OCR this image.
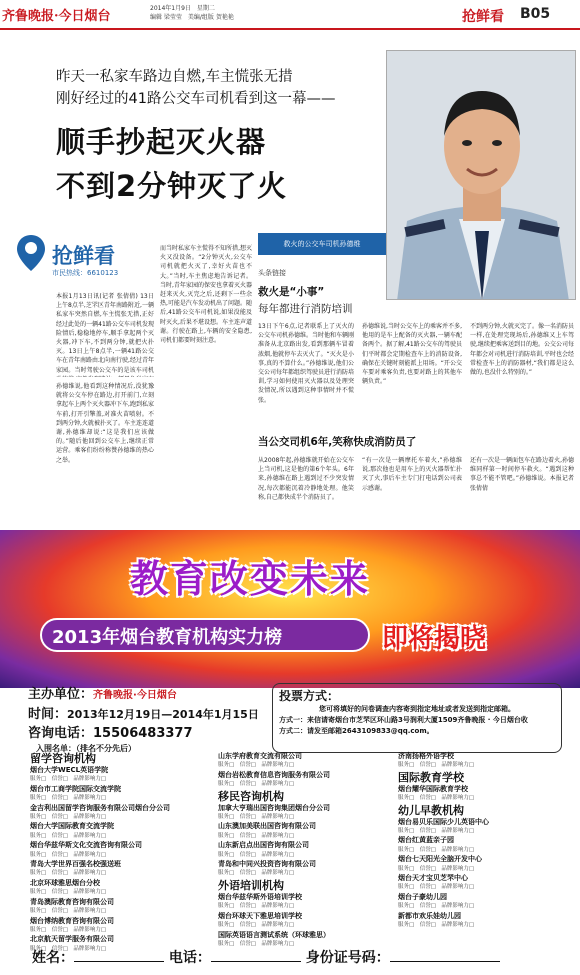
齐鲁晚报·今日烟台
2014年1月9日　星期二
编辑 梁莹莹　美编/组版 贺艳艳	抢鲜看 B05
昨天一私家车路边自燃,车主慌张无措
刚好经过的41路公交车司机看到这一幕——
顺手抄起灭火器
不到2分钟灭了火
救火的公交车司机孙德维
抢鲜看
市民热线：6610123
本报1月13日讯(记者 张倩倩) 13日上午8点半,芝罘区青年南路附近,一辆私家车突然自燃,车主慌张无措,正好经过此处的一辆41路公交车司机发现险情后,稳稳地停车,顺手拿起两个灭火器,冲下车,不到两分钟,就把火扑灭。13日上午8点半,一辆41路公交车在青年南路由北向南行驶,经过青年家园。当时驾驶公交车的是该车司机
孙德维说,他看到这种情况后,没犹豫就将公交车停在路边,打开前门,立刻拿起车上两个灭火器冲下车,跑到私家车前,打开引擎盖,对准火苗喷射。不到两分钟,火就被扑灭了。车主连连道谢,孙德维却说:“这是我们应该做的。”随后他回到公交车上,继续正常运营。乘客们纷纷称赞孙德维的热心之举。
而当时私家车主慌得不知所措,想灭火又没设备。“2分钟灭火,公交车司机就把火灭了,幸好火苗也不大。”当时,车主焦虑地告诉记者。当时,青年家园的保安也拿着灭火器赶来灭火,灭完之后,还剩下一些余热,可能是汽车发动机出了问题。随后,41路公交车司机说,如果没能及时灭火,后果不堪设想。车主连声道谢。行驶在路上,车辆的安全隐患,司机们都要时刻注意。
头条链接
救火是“小事”
每年都进行消防培训
13日下午6点,记者联系上了灭火的公交车司机孙德维。当时他和车辆刚准备从北京路出发,看到那辆车冒着浓烟,他就停车去灭火了。“灭火是小事,真的不算什么。”孙德维说,他们公交公司每年都组织驾驶员进行消防培训,学习如何使用灭火器以及处理突发情况,所以遇到这种事情时并不慌张。
孙德维说,当时公交车上的乘客并不多,他用的是车上配备的灭火器,一辆车配备两个。据了解,41路公交车的驾驶员们平时都会定期检查车上的消防设备,确保在关键时刻能派上用场。“开公交车要对乘客负责,也要对路上的其他车辆负责。”
不到两分钟,火就灭完了。像一名消防员一样,在处理完现场后,孙德维又上车驾驶,继续把乘客送到目的地。公交公司每年都会对司机进行消防培训,平时也会经常检查车上的消防器材,“我们都是这么做的,也没什么特别的。”
当公交司机6年,笑称快成消防员了
从2008年起,孙德维就开始在公交车上当司机,这是他的第6个年头。6年来,孙德维在路上遇到过不少突发情况,每次都能沉着冷静地处理。他笑称,自己都快成半个消防员了。
“有一次是一辆摩托车着火,”孙德维说,那次他也是用车上的灭火器帮忙扑灭了火,事后车主专门打电话到公司表示感谢。
还有一次是一辆面包车在路边着火,孙德维同样第一时间停车救火。“遇到这种事总不能不管吧。”孙德维说。本报记者 张倩倩
教育改变未来
2013年烟台教育机构实力榜	即将揭晓
主办单位：齐鲁晚报·今日烟台
时间：2013年12月19日—2014年1月15日
咨询电话：15506483377
入围名单：（排名不分先后）
投票方式：
您可将填好的问卷调查内容寄到指定地址或者发送到指定邮箱。
方式一：来信请寄烟台市芝罘区环山路3号润利大厦1509齐鲁晚报 · 今日烟台收
方式二：请发至邮箱2643109833@qq.com。
留学咨询机构
烟台大学WECL英语学院
服务□　信誉□　品牌影响力□
烟台市工商学院国际交流学院
服务□　信誉□　品牌影响力□
金吉利出国留学咨询服务有限公司烟台分公司
服务□　信誉□　品牌影响力□
烟台大学国际教育交流学院
服务□　信誉□　品牌影响力□
烟台华兹华斯文化交流咨询有限公司
服务□　信誉□　品牌影响力□
青岛大学世界百强名校强送班
服务□　信誉□　品牌影响力□
北京环球雅思烟台分校
服务□　信誉□　品牌影响力□
青岛澳际教育咨询有限公司
服务□　信誉□　品牌影响力□
烟台博纳教育咨询有限公司
服务□　信誉□　品牌影响力□
北京航天留学服务有限公司
服务□　信誉□　品牌影响力□
山东学府教育交流有限公司
服务□　信誉□　品牌影响力□
烟台岩松教育信息咨询服务有限公司
服务□　信誉□　品牌影响力□
移民咨询机构
加拿大亨瑞出国咨询集团烟台分公司
服务□　信誉□　品牌影响力□
山东澳加美联出国咨询有限公司
服务□　信誉□　品牌影响力□
山东新启点出国咨询有限公司
服务□　信誉□　品牌影响力□
青岛和中同兴投资咨询有限公司
服务□　信誉□　品牌影响力□
外语培训机构
烟台华兹华斯外语培训学校
服务□　信誉□　品牌影响力□
烟台环球天下雅思培训学校
服务□　信誉□　品牌影响力□
国际英语语言测试系统（环球雅思）
服务□　信誉□　品牌影响力□
济南扬格外语学校
服务□　信誉□　品牌影响力□
国际教育学校
烟台耀华国际教育学校
服务□　信誉□　品牌影响力□
幼儿早教机构
烟台易贝乐国际少儿英语中心
服务□　信誉□　品牌影响力□
烟台红黄蓝亲子园
服务□　信誉□　品牌影响力□
烟台七天阳光全脑开发中心
服务□　信誉□　品牌影响力□
烟台天才宝贝芝罘中心
服务□　信誉□　品牌影响力□
烟台子豪幼儿园
服务□　信誉□　品牌影响力□
新都市欢乐娃幼儿园
服务□　信誉□　品牌影响力□
姓名：	电话：	身份证号码：
